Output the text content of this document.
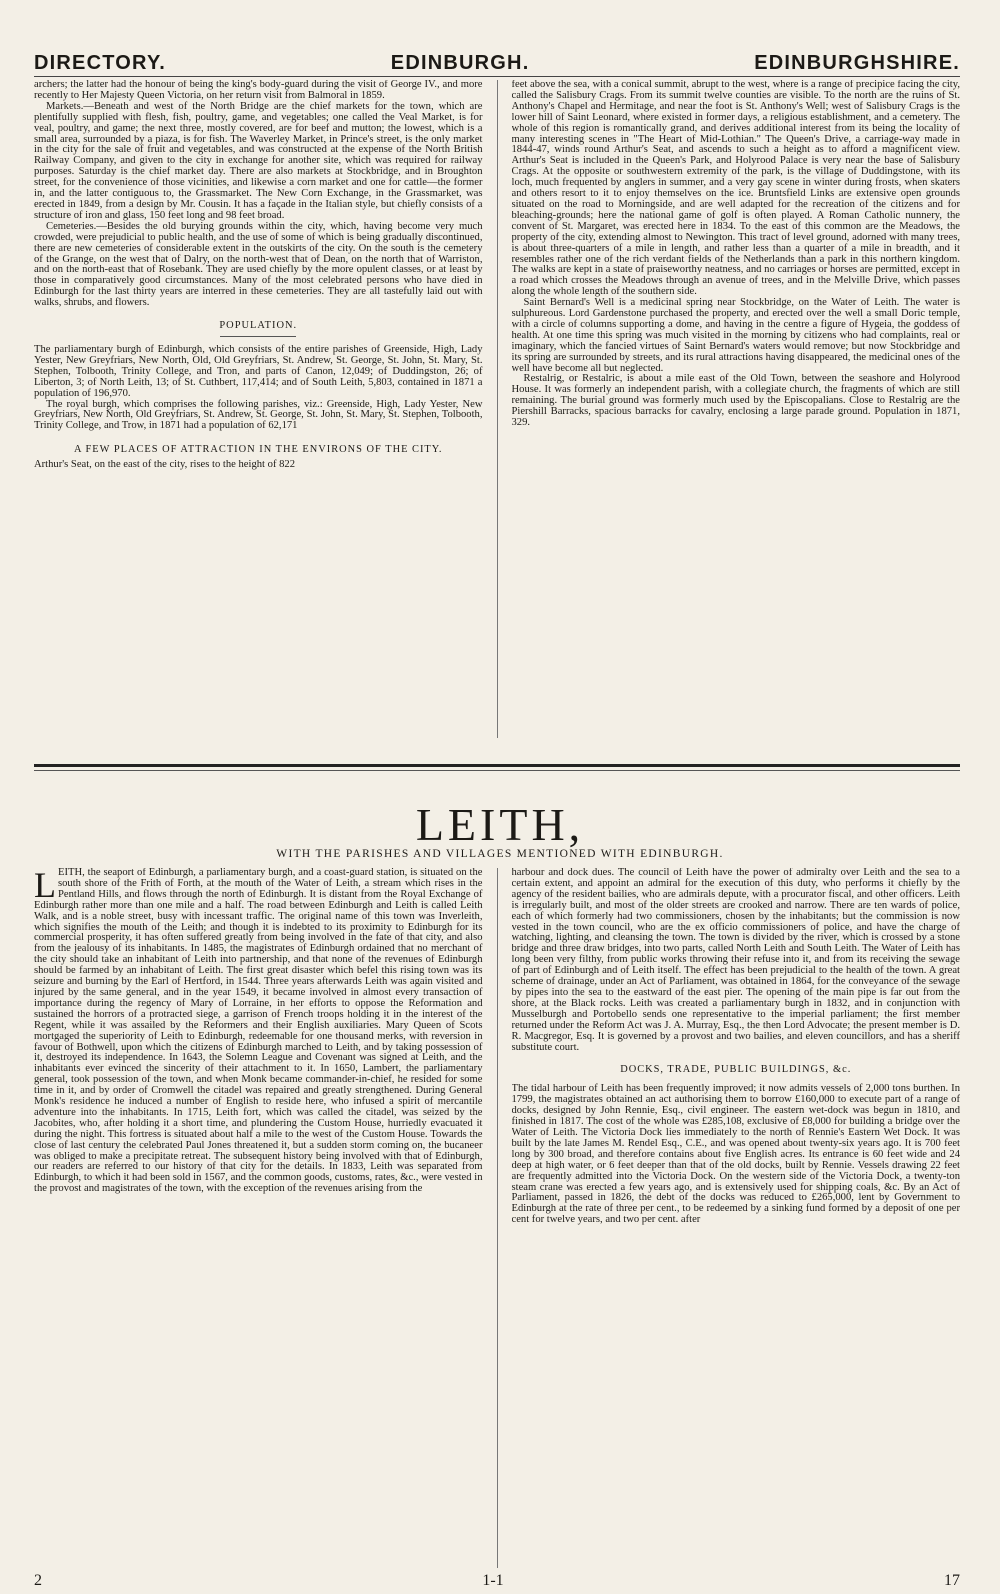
DIRECTORY.	EDINBURGH.	EDINBURGHSHIRE.

archers; the latter had the honour of being the king's body-guard during the visit of George IV., and more recently to Her Majesty Queen Victoria, on her return visit from Balmoral in 1859.

Markets.—Beneath and west of the North Bridge are the chief markets for the town, which are plentifully supplied with flesh, fish, poultry, game, and vegetables; one called the Veal Market, is for veal, poultry, and game; the next three, mostly covered, are for beef and mutton; the lowest, which is a small area, surrounded by a piaza, is for fish. The Waverley Market, in Prince's street, is the only market in the city for the sale of fruit and vegetables, and was constructed at the expense of the North British Railway Company, and given to the city in exchange for another site, which was required for railway purposes. Saturday is the chief market day. There are also markets at Stockbridge, and in Broughton street, for the convenience of those vicinities, and likewise a corn market and one for cattle—the former in, and the latter contiguous to, the Grassmarket. The New Corn Exchange, in the Grassmarket, was erected in 1849, from a design by Mr. Cousin. It has a façade in the Italian style, but chiefly consists of a structure of iron and glass, 150 feet long and 98 feet broad.

Cemeteries.—Besides the old burying grounds within the city, which, having become very much crowded, were prejudicial to public health, and the use of some of which is being gradually discontinued, there are new cemeteries of considerable extent in the outskirts of the city. On the south is the cemetery of the Grange, on the west that of Dalry, on the north-west that of Dean, on the north that of Warriston, and on the north-east that of Rosebank. They are used chiefly by the more opulent classes, or at least by those in comparatively good circumstances. Many of the most celebrated persons who have died in Edinburgh for the last thirty years are interred in these cemeteries. They are all tastefully laid out with walks, shrubs, and flowers.

POPULATION.

The parliamentary burgh of Edinburgh, which consists of the entire parishes of Greenside, High, Lady Yester, New Greyfriars, New North, Old, Old Greyfriars, St. Andrew, St. George, St. John, St. Mary, St. Stephen, Tolbooth, Trinity College, and Tron, and parts of Canon, 12,049; of Duddingston, 26; of Liberton, 3; of North Leith, 13; of St. Cuthbert, 117,414; and of South Leith, 5,803, contained in 1871 a population of 196,970.

The royal burgh, which comprises the following parishes, viz.: Greenside, High, Lady Yester, New Greyfriars, New North, Old Greyfriars, St. Andrew, St. George, St. John, St. Mary, St. Stephen, Tolbooth, Trinity College, and Trow, in 1871 had a population of 62,171

A FEW PLACES OF ATTRACTION IN THE ENVIRONS OF THE CITY.

Arthur's Seat, on the east of the city, rises to the height of 822

feet above the sea, with a conical summit, abrupt to the west, where is a range of precipice facing the city, called the Salisbury Crags. From its summit twelve counties are visible. To the north are the ruins of St. Anthony's Chapel and Hermitage, and near the foot is St. Anthony's Well; west of Salisbury Crags is the lower hill of Saint Leonard, where existed in former days, a religious establishment, and a cemetery. The whole of this region is romantically grand, and derives additional interest from its being the locality of many interesting scenes in "The Heart of Mid-Lothian." The Queen's Drive, a carriage-way made in 1844-47, winds round Arthur's Seat, and ascends to such a height as to afford a magnificent view. Arthur's Seat is included in the Queen's Park, and Holyrood Palace is very near the base of Salisbury Crags. At the opposite or southwestern extremity of the park, is the village of Duddingstone, with its loch, much frequented by anglers in summer, and a very gay scene in winter during frosts, when skaters and others resort to it to enjoy themselves on the ice. Bruntsfield Links are extensive open grounds situated on the road to Morningside, and are well adapted for the recreation of the citizens and for bleaching-grounds; here the national game of golf is often played. A Roman Catholic nunnery, the convent of St. Margaret, was erected here in 1834. To the east of this common are the Meadows, the property of the city, extending almost to Newington. This tract of level ground, adorned with many trees, is about three-quarters of a mile in length, and rather less than a quarter of a mile in breadth, and it resembles rather one of the rich verdant fields of the Netherlands than a park in this northern kingdom. The walks are kept in a state of praiseworthy neatness, and no carriages or horses are permitted, except in a road which crosses the Meadows through an avenue of trees, and in the Melville Drive, which passes along the whole length of the southern side.

Saint Bernard's Well is a medicinal spring near Stockbridge, on the Water of Leith. The water is sulphureous. Lord Gardenstone purchased the property, and erected over the well a small Doric temple, with a circle of columns supporting a dome, and having in the centre a figure of Hygeia, the goddess of health. At one time this spring was much visited in the morning by citizens who had complaints, real or imaginary, which the fancied virtues of Saint Bernard's waters would remove; but now Stockbridge and its spring are surrounded by streets, and its rural attractions having disappeared, the medicinal ones of the well have become all but neglected.

Restalrig, or Restalric, is about a mile east of the Old Town, between the seashore and Holyrood House. It was formerly an independent parish, with a collegiate church, the fragments of which are still remaining. The burial ground was formerly much used by the Episcopalians. Close to Restalrig are the Piershill Barracks, spacious barracks for cavalry, enclosing a large parade ground. Population in 1871, 329.

LEITH,
WITH THE PARISHES AND VILLAGES MENTIONED WITH EDINBURGH.

LEITH, the seaport of Edinburgh, a parliamentary burgh, and a coast-guard station, is situated on the south shore of the Frith of Forth, at the mouth of the Water of Leith, a stream which rises in the Pentland Hills, and flows through the north of Edinburgh. It is distant from the Royal Exchange of Edinburgh rather more than one mile and a half. The road between Edinburgh and Leith is called Leith Walk, and is a noble street, busy with incessant traffic. The original name of this town was Inverleith, which signifies the mouth of the Leith; and though it is indebted to its proximity to Edinburgh for its commercial prosperity, it has often suffered greatly from being involved in the fate of that city, and also from the jealousy of its inhabitants. In 1485, the magistrates of Edinburgh ordained that no merchant of the city should take an inhabitant of Leith into partnership, and that none of the revenues of Edinburgh should be farmed by an inhabitant of Leith. The first great disaster which befel this rising town was its seizure and burning by the Earl of Hertford, in 1544. Three years afterwards Leith was again visited and injured by the same general, and in the year 1549, it became involved in almost every transaction of importance during the regency of Mary of Lorraine, in her efforts to oppose the Reformation and sustained the horrors of a protracted siege, a garrison of French troops holding it in the interest of the Regent, while it was assailed by the Reformers and their English auxiliaries. Mary Queen of Scots mortgaged the superiority of Leith to Edinburgh, redeemable for one thousand merks, with reversion in favour of Bothwell, upon which the citizens of Edinburgh marched to Leith, and by taking possession of it, destroyed its independence. In 1643, the Solemn League and Covenant was signed at Leith, and the inhabitants ever evinced the sincerity of their attachment to it. In 1650, Lambert, the parliamentary general, took possession of the town, and when Monk became commander-in-chief, he resided for some time in it, and by order of Cromwell the citadel was repaired and greatly strengthened. During General Monk's residence he induced a number of English to reside here, who infused a spirit of mercantile adventure into the inhabitants. In 1715, Leith fort, which was called the citadel, was seized by the Jacobites, who, after holding it a short time, and plundering the Custom House, hurriedly evacuated it during the night. This fortress is situated about half a mile to the west of the Custom House. Towards the close of last century the celebrated Paul Jones threatened it, but a sudden storm coming on, the bucaneer was obliged to make a precipitate retreat. The subsequent history being involved with that of Edinburgh, our readers are referred to our history of that city for the details. In 1833, Leith was separated from Edinburgh, to which it had been sold in 1567, and the common goods, customs, rates, &c., were vested in the provost and magistrates of the town, with the exception of the revenues arising from the

harbour and dock dues. The council of Leith have the power of admiralty over Leith and the sea to a certain extent, and appoint an admiral for the execution of this duty, who performs it chiefly by the agency of the resident bailies, who are admirals depute, with a procurator fiscal, and other officers. Leith is irregularly built, and most of the older streets are crooked and narrow. There are ten wards of police, each of which formerly had two commissioners, chosen by the inhabitants; but the commission is now vested in the town council, who are the ex officio commissioners of police, and have the charge of watching, lighting, and cleansing the town. The town is divided by the river, which is crossed by a stone bridge and three draw bridges, into two parts, called North Leith and South Leith. The Water of Leith has long been very filthy, from public works throwing their refuse into it, and from its receiving the sewage of part of Edinburgh and of Leith itself. The effect has been prejudicial to the health of the town. A great scheme of drainage, under an Act of Parliament, was obtained in 1864, for the conveyance of the sewage by pipes into the sea to the eastward of the east pier. The opening of the main pipe is far out from the shore, at the Black rocks. Leith was created a parliamentary burgh in 1832, and in conjunction with Musselburgh and Portobello sends one representative to the imperial parliament; the first member returned under the Reform Act was J. A. Murray, Esq., the then Lord Advocate; the present member is D. R. Macgregor, Esq. It is governed by a provost and two bailies, and eleven councillors, and has a sheriff substitute court.

DOCKS, TRADE, PUBLIC BUILDINGS, &c.

The tidal harbour of Leith has been frequently improved; it now admits vessels of 2,000 tons burthen. In 1799, the magistrates obtained an act authorising them to borrow £160,000 to execute part of a range of docks, designed by John Rennie, Esq., civil engineer. The eastern wet-dock was begun in 1810, and finished in 1817. The cost of the whole was £285,108, exclusive of £8,000 for building a bridge over the Water of Leith. The Victoria Dock lies immediately to the north of Rennie's Eastern Wet Dock. It was built by the late James M. Rendel Esq., C.E., and was opened about twenty-six years ago. It is 700 feet long by 300 broad, and therefore contains about five English acres. Its entrance is 60 feet wide and 24 deep at high water, or 6 feet deeper than that of the old docks, built by Rennie. Vessels drawing 22 feet are frequently admitted into the Victoria Dock. On the western side of the Victoria Dock, a twenty-ton steam crane was erected a few years ago, and is extensively used for shipping coals, &c. By an Act of Parliament, passed in 1826, the debt of the docks was reduced to £265,000, lent by Government to Edinburgh at the rate of three per cent., to be redeemed by a sinking fund formed by a deposit of one per cent for twelve years, and two per cent. after

2	1-1	17
